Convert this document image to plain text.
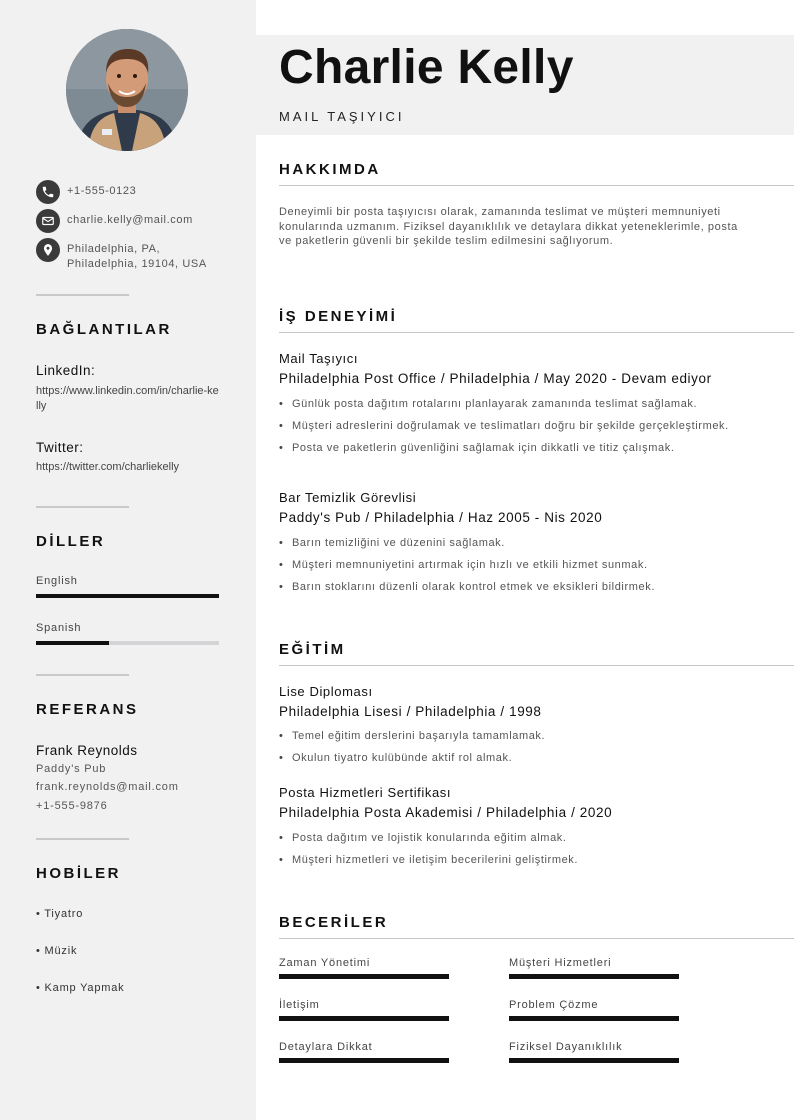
+1-555-0123
charlie.kelly@mail.com
Philadelphia, PA,
Philadelphia, 19104, USA
BAĞLANTILAR
LinkedIn:
https://www.linkedin.com/in/charlie-kelly
Twitter:
https://twitter.com/charliekelly
DİLLER
English
Spanish
REFERANS
Frank Reynolds
Paddy's Pub
frank.reynolds@mail.com
+1-555-9876
HOBİLER
• Tiyatro
• Müzik
• Kamp Yapmak
Charlie Kelly
MAIL TAŞIYICI
HAKKIMDA
Deneyimli bir posta taşıyıcısı olarak, zamanında teslimat ve müşteri memnuniyeti konularında uzmanım. Fiziksel dayanıklılık ve detaylara dikkat yeteneklerimle, posta ve paketlerin güvenli bir şekilde teslim edilmesini sağlıyorum.
İŞ DENEYİMİ
Mail Taşıyıcı
Philadelphia Post Office / Philadelphia / May 2020 - Devam ediyor
• Günlük posta dağıtım rotalarını planlayarak zamanında teslimat sağlamak.
• Müşteri adreslerini doğrulamak ve teslimatları doğru bir şekilde gerçekleştirmek.
• Posta ve paketlerin güvenliğini sağlamak için dikkatli ve titiz çalışmak.
Bar Temizlik Görevlisi
Paddy's Pub / Philadelphia / Haz 2005 - Nis 2020
• Barın temizliğini ve düzenini sağlamak.
• Müşteri memnuniyetini artırmak için hızlı ve etkili hizmet sunmak.
• Barın stoklarını düzenli olarak kontrol etmek ve eksikleri bildirmek.
EĞİTİM
Lise Diploması
Philadelphia Lisesi / Philadelphia / 1998
• Temel eğitim derslerini başarıyla tamamlamak.
• Okulun tiyatro kulübünde aktif rol almak.
Posta Hizmetleri Sertifikası
Philadelphia Posta Akademisi / Philadelphia / 2020
• Posta dağıtım ve lojistik konularında eğitim almak.
• Müşteri hizmetleri ve iletişim becerilerini geliştirmek.
BECERİLER
Zaman Yönetimi	Müşteri Hizmetleri
İletişim	Problem Çözme
Detaylara Dikkat	Fiziksel Dayanıklılık
